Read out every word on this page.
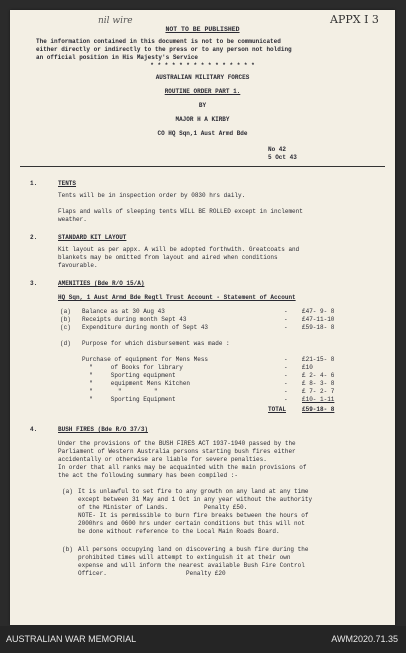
nil wire	APPX I 3
NOT TO BE PUBLISHED
The information contained in this document is not to be communicated
either directly or indirectly to the press or to any person not holding
an official position in His Majesty's Service
* * * * * * * * * * * * * * *
AUSTRALIAN MILITARY FORCES
ROUTINE ORDER PART 1.
BY
MAJOR H A KIRBY
CO HQ Sqn,1 Aust Armd Bde
No 42
5 Oct 43
1.	TENTS
Tents will be in inspection order by 0830 hrs daily.
Flaps and walls of sleeping tents WILL BE ROLLED except in inclement
weather.
2.	STANDARD KIT LAYOUT
Kit layout as per appx. A will be adopted forthwith. Greatcoats and
blankets may be omitted from layout and aired when conditions
favourable.
3.	AMENITIES (Bde R/O 15/A)
HQ Sqn, 1 Aust Armd Bde Regtl Trust Account - Statement of Account
(a) Balance as at 30 Aug 43	- £47- 9- 8
(b) Receipts during month Sept 43	- £47-11-10
(c) Expenditure during month of Sept 43	- £59-18- 8
(d) Purpose for which disbursement was made :
Purchase of equipment for Mens Mess	- £21-15- 8
"     of Books for library	- £10
"     Sporting equipment	- £ 2- 4- 6
"     equipment Mens Kitchen	- £ 8- 3- 8
"       "         "	- £ 7- 2- 7
"     Sporting Equipment	- £10- 1-11
TOTAL	£59-18- 8
4.	BUSH FIRES (Bde R/O 37/3)
Under the provisions of the BUSH FIRES ACT 1937-1940 passed by the
Parliament of Western Australia persons starting bush fires either
accidentally or otherwise are liable for severe penalties.
In order that all ranks may be acquainted with the main provisions of
the act the following summary has been compiled :-
(a) It is unlawful to set fire to any growth on any land at any time
except between 31 May and 1 Oct in any year without the authority
of the Minister of Lands.          Penalty £50.
NOTE- It is permissible to burn fire breaks between the hours of
2000hrs and 0600 hrs under certain conditions but this will not
be done without reference to the Local Main Roads Board.
(b) All persons occupying land on discovering a bush fire during the
prohibited times will attempt to extinguish it at their own
expense and will inform the nearest available Bush Fire Control
Officer.                      Penalty £20
AUSTRALIAN WAR MEMORIAL	AWM2020.71.35
